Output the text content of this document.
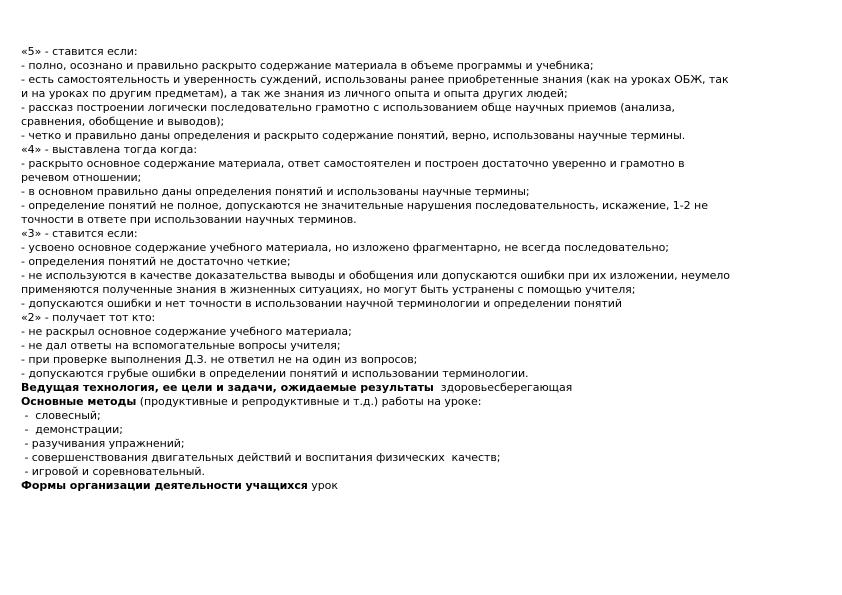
«5» - ставится если:
- полно, осознано и правильно раскрыто содержание материала в объеме программы и учебника;
- есть самостоятельность и уверенность суждений, использованы ранее приобретенные знания (как на уроках ОБЖ, так
и на уроках по другим предметам), а так же знания из личного опыта и опыта других людей;
- рассказ построении логически последовательно грамотно с использованием обще научных приемов (анализа,
сравнения, обобщение и выводов);
- четко и правильно даны определения и раскрыто содержание понятий, верно, использованы научные термины.
«4» - выставлена тогда когда:
- раскрыто основное содержание материала, ответ самостоятелен и построен достаточно уверенно и грамотно в
речевом отношении;
- в основном правильно даны определения понятий и использованы научные термины;
- определение понятий не полное, допускаются не значительные нарушения последовательность, искажение, 1-2 не
точности в ответе при использовании научных терминов.
«3» - ставится если:
- усвоено основное содержание учебного материала, но изложено фрагментарно, не всегда последовательно;
- определения понятий не достаточно четкие;
- не используются в качестве доказательства выводы и обобщения или допускаются ошибки при их изложении, неумело
применяются полученные знания в жизненных ситуациях, но могут быть устранены с помощью учителя;
- допускаются ошибки и нет точности в использовании научной терминологии и определении понятий
«2» - получает тот кто:
- не раскрыл основное содержание учебного материала;
- не дал ответы на вспомогательные вопросы учителя;
- при проверке выполнения Д.З. не ответил не на один из вопросов;
- допускаются грубые ошибки в определении понятий и использовании терминологии.
Ведущая технология, ее цели и задачи, ожидаемые результаты  здоровьесберегающая
Основные методы (продуктивные и репродуктивные и т.д.) работы на уроке:
-  словесный;
-  демонстрации;
- разучивания упражнений;
- совершенствования двигательных действий и воспитания физических  качеств;
- игровой и соревновательный.
Формы организации деятельности учащихся урок
